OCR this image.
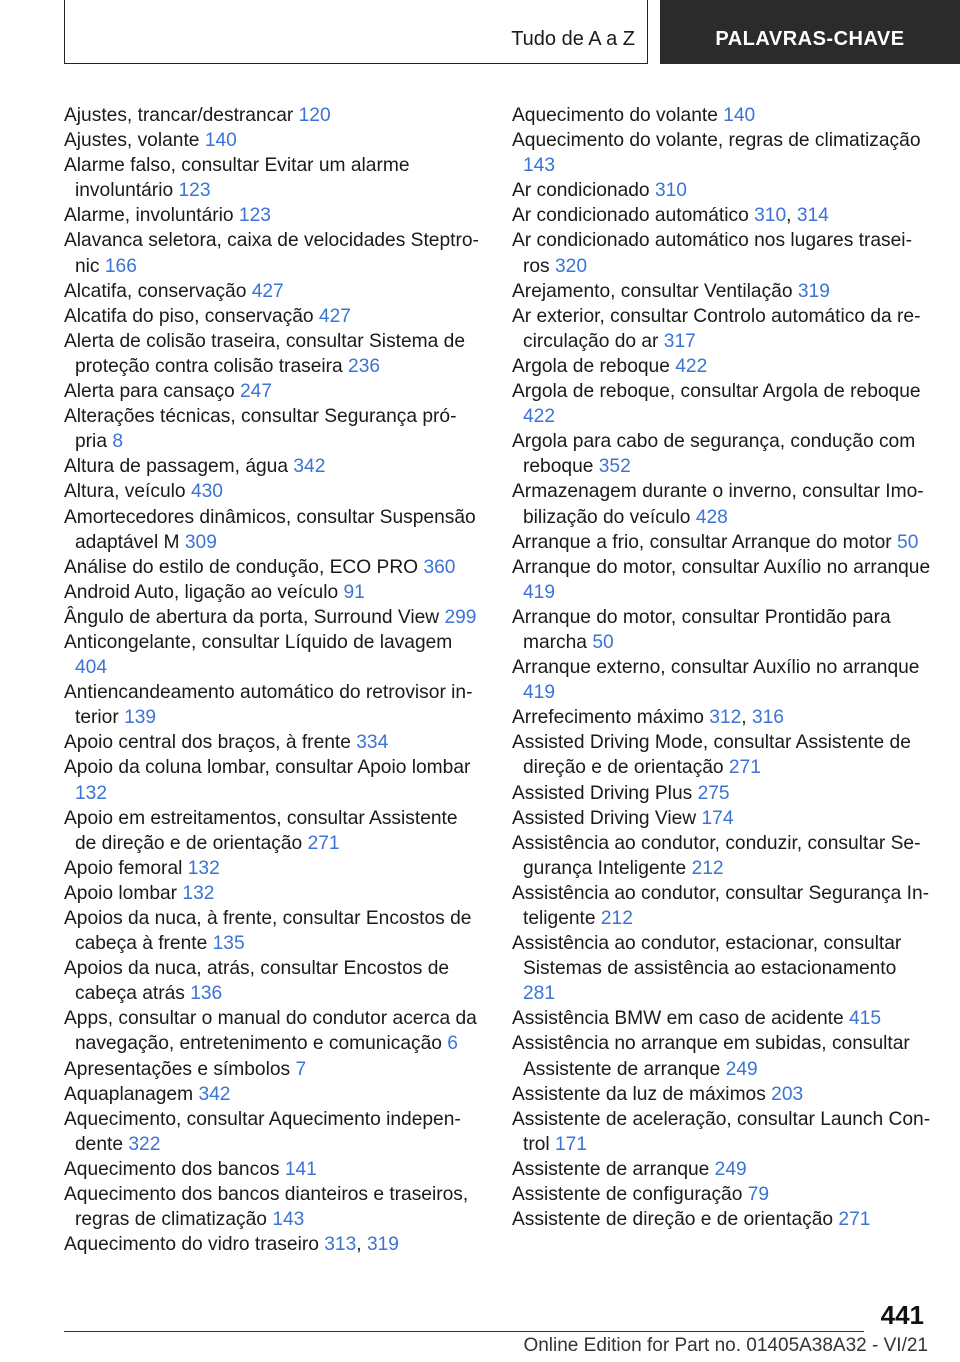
Tudo de A a Z	PALAVRAS-CHAVE
Ajustes, trancar/destrancar 120
Ajustes, volante 140
Alarme falso, consultar Evitar um alarme involuntário 123
Alarme, involuntário 123
Alavanca seletora, caixa de velocidades Steptronic 166
Alcatifa, conservação 427
Alcatifa do piso, conservação 427
Alerta de colisão traseira, consultar Sistema de proteção contra colisão traseira 236
Alerta para cansaço 247
Alterações técnicas, consultar Segurança própria 8
Altura de passagem, água 342
Altura, veículo 430
Amortecedores dinâmicos, consultar Suspensão adaptável M 309
Análise do estilo de condução, ECO PRO 360
Android Auto, ligação ao veículo 91
Ângulo de abertura da porta, Surround View 299
Anticongelante, consultar Líquido de lavagem 404
Antiencandeamento automático do retrovisor interior 139
Apoio central dos braços, à frente 334
Apoio da coluna lombar, consultar Apoio lombar 132
Apoio em estreitamentos, consultar Assistente de direção e de orientação 271
Apoio femoral 132
Apoio lombar 132
Apoios da nuca, à frente, consultar Encostos de cabeça à frente 135
Apoios da nuca, atrás, consultar Encostos de cabeça atrás 136
Apps, consultar o manual do condutor acerca da navegação, entretenimento e comunicação 6
Apresentações e símbolos 7
Aquaplanagem 342
Aquecimento, consultar Aquecimento independente 322
Aquecimento dos bancos 141
Aquecimento dos bancos dianteiros e traseiros, regras de climatização 143
Aquecimento do vidro traseiro 313, 319
Aquecimento do volante 140
Aquecimento do volante, regras de climatização 143
Ar condicionado 310
Ar condicionado automático 310, 314
Ar condicionado automático nos lugares traseiros 320
Arejamento, consultar Ventilação 319
Ar exterior, consultar Controlo automático da recirculação do ar 317
Argola de reboque 422
Argola de reboque, consultar Argola de reboque 422
Argola para cabo de segurança, condução com reboque 352
Armazenagem durante o inverno, consultar Imobilização do veículo 428
Arranque a frio, consultar Arranque do motor 50
Arranque do motor, consultar Auxílio no arranque 419
Arranque do motor, consultar Prontidão para marcha 50
Arranque externo, consultar Auxílio no arranque 419
Arrefecimento máximo 312, 316
Assisted Driving Mode, consultar Assistente de direção e de orientação 271
Assisted Driving Plus 275
Assisted Driving View 174
Assistência ao condutor, conduzir, consultar Segurança Inteligente 212
Assistência ao condutor, consultar Segurança Inteligente 212
Assistência ao condutor, estacionar, consultar Sistemas de assistência ao estacionamento 281
Assistência BMW em caso de acidente 415
Assistência no arranque em subidas, consultar Assistente de arranque 249
Assistente da luz de máximos 203
Assistente de aceleração, consultar Launch Control 171
Assistente de arranque 249
Assistente de configuração 79
Assistente de direção e de orientação 271
441
Online Edition for Part no. 01405A38A32 - VI/21
